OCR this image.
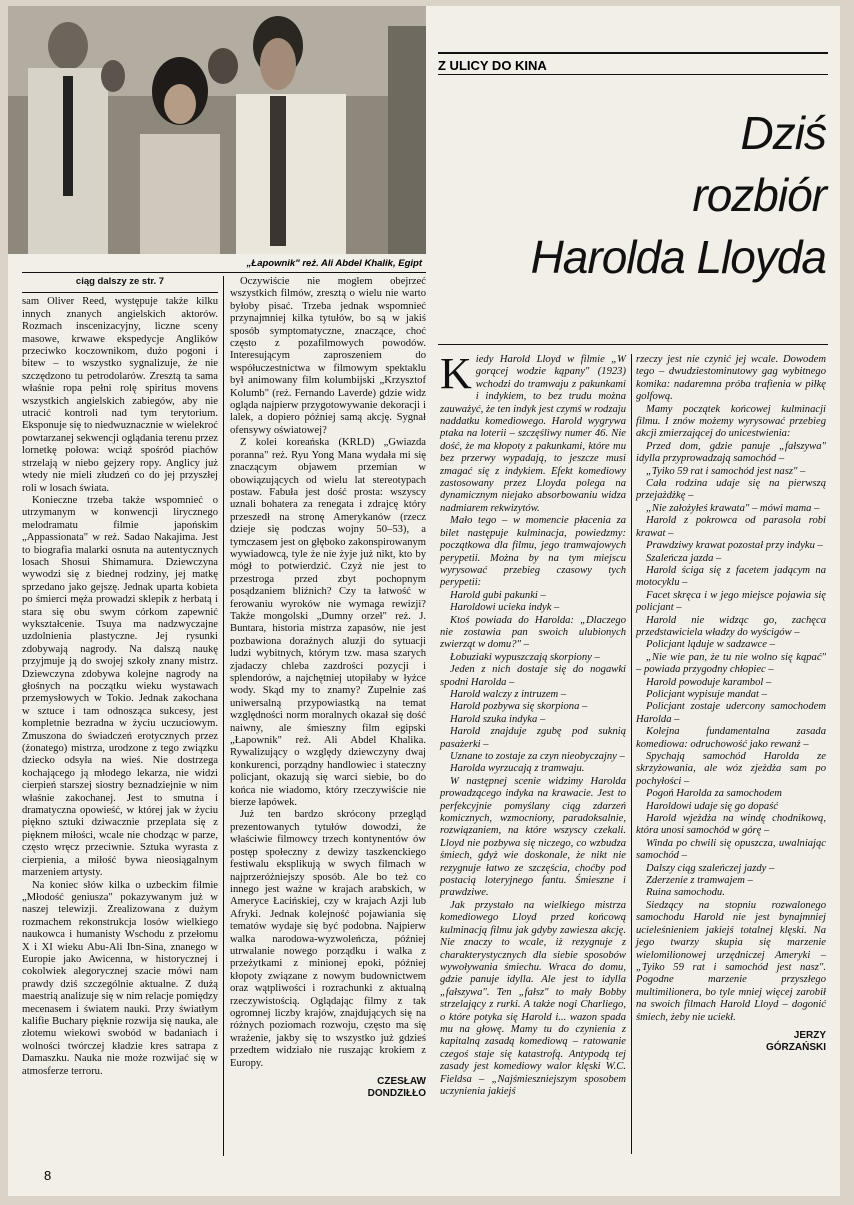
„Łapownik" reż. Ali Abdel Khalik, Egipt
ciąg dalszy ze str. 7

sam Oliver Reed, występuje także kilku innych znanych angielskich aktorów. Rozmach inscenizacyjny, liczne sceny masowe, krwawe ekspedycje Anglików przeciwko koczownikom, dużo pogoni i bitew – to wszystko sygnalizuje, że nie szczędzono tu petrodolarów. Zresztą ta sama właśnie ropa pełni rolę spiritus movens wszystkich angielskich zabiegów, aby nie utracić kontroli nad tym terytorium. Eksponuje się to niedwuznacznie w wielekroć powtarzanej sekwencji oglądania terenu przez lornetkę połowa: wciąż spośród piachów strzelają w niebo gejzery ropy. Anglicy już wtedy nie mieli złudzeń co do jej przyszłej roli w losach świata.

Konieczne trzeba także wspomnieć o utrzymanym w konwencji lirycznego melodramatu filmie japońskim „Appassionata" w reż. Sadao Nakajima. Jest to biografia malarki osnuta na autentycznych losach Shosui Shimamura. Dziewczyna wywodzi się z biednej rodziny, jej matkę sprzedano jako gejszę. Jednak uparta kobieta po śmierci męża prowadzi sklepik z herbatą i stara się obu swym córkom zapewnić wykształcenie. Tsuya ma nadzwyczajne uzdolnienia plastyczne. Jej rysunki zdobywają nagrody. Na dalszą naukę przyjmuje ją do swojej szkoły znany mistrz. Dziewczyna zdobywa kolejne nagrody na głośnych na początku wieku wystawach przemysłowych w Tokio. Jednak zakochana w sztuce i tam odnosząca sukcesy, jest kompletnie bezradna w życiu uczuciowym. Zmuszona do świadczeń erotycznych przez (żonatego) mistrza, urodzone z tego związku dziecko odsyła na wieś. Nie dostrzega kochającego ją młodego lekarza, nie widzi cierpień starszej siostry beznadziejnie w nim właśnie zakochanej. Jest to smutna i dramatyczna opowieść, w której jak w życiu piękno sztuki dziwacznie przeplata się z pięknem miłości, wcale nie chodząc w parze, często wręcz przeciwnie. Sztuka wyrasta z cierpienia, a miłość bywa nieosiągalnym marzeniem artysty.

Na koniec słów kilka o uzbeckim filmie „Młodość geniusza" pokazywanym już w naszej telewizji. Zrealizowana z dużym rozmachem rekonstrukcja losów wielkiego naukowca i humanisty Wschodu z przełomu X i XI wieku Abu-Ali Ibn-Sina, znanego w Europie jako Awicenna, w historycznej i cokolwiek alegorycznej szacie mówi nam prawdy dziś szczególnie aktualne. Z dużą maestrią analizuje się w nim relacje pomiędzy mecenasem i światem nauki. Przy światłym kalifie Buchary pięknie rozwija się nauka, ale złotemu wiekowi swobód w badaniach i wolności twórczej kładzie kres satrapa z Damaszku. Nauka nie może rozwijać się w atmosferze terroru.

Oczywiście nie mogłem obejrzeć wszystkich filmów, zresztą o wielu nie warto byłoby pisać. Trzeba jednak wspomnieć przynajmniej kilka tytułów, bo są w jakiś sposób symptomatyczne, znaczące, choć często z pozafilmowych powodów. Interesującym zaproszeniem do współuczestnictwa w filmowym spektaklu był animowany film kolumbijski „Krzysztof Kolumb" (reż. Fernando Laverde) gdzie widz ogląda najpierw przygotowywanie dekoracji i lalek, a dopiero później samą akcję. Sygnał ofensywy oświatowej?

Z kolei koreańska (KRLD) „Gwiazda poranna" reż. Ryu Yong Mana wydała mi się znaczącym objawem przemian w obowiązujących od wielu lat stereotypach postaw. Fabuła jest dość prosta: wszyscy uznali bohatera za renegata i zdrajcę który przeszedł na stronę Amerykanów (rzecz dzieje się podczas wojny 50–53), a tymczasem jest on głęboko zakonspirowanym wywiadowcą, tyle że nie żyje już nikt, kto by mógł to potwierdzić. Czyż nie jest to przestroga przed zbyt pochopnym posądzaniem bliźnich? Czy ta łatwość w ferowaniu wyroków nie wymaga rewizji? Także mongolski „Dumny orzeł" reż. J. Buntara, historia mistrza zapasów, nie jest pozbawiona doraźnych aluzji do sytuacji ludzi wybitnych, którym tzw. masa szarych zjadaczy chleba zazdrości pozycji i splendorów, a najchętniej utopiłaby w łyżce wody. Skąd my to znamy? Zupełnie zaś uniwersalną przypowiastką na temat względności norm moralnych okazał się dość naiwny, ale śmieszny film egipski „Łapownik" reż. Ali Abdel Khalika. Rywalizujący o względy dziewczyny dwaj konkurenci, porządny handlowiec i stateczny policjant, okazują się warci siebie, bo do końca nie wiadomo, który rzeczywiście nie bierze łapówek.

Już ten bardzo skrócony przegląd prezentowanych tytułów dowodzi, że właściwie filmowcy trzech kontynentów ów postęp społeczny z dewizy taszkenckiego festiwalu eksplikują w swych filmach w najprzeróżniejszy sposób. Ale bo też co innego jest ważne w krajach arabskich, w Ameryce Łacińskiej, czy w krajach Azji lub Afryki. Jednak kolejność pojawiania się tematów wydaje się być podobna. Najpierw walka narodowa-wyzwoleńcza, później utrwalanie nowego porządku i walka z przeżytkami z minionej epoki, później kłopoty związane z nowym budownictwem oraz wątpliwości i rozrachunki z aktualną rzeczywistością. Oglądając filmy z tak ogromnej liczby krajów, znajdujących się na różnych poziomach rozwoju, często ma się wrażenie, jakby się to wszystko już gdzieś przedtem widziało nie ruszając krokiem z Europy.

CZESŁAW
DONDZIŁŁO
Z ULICY DO KINA
Dziś
rozbiór
Harolda Lloyda
K iedy Harold Lloyd w filmie „W gorącej wodzie kąpany" (1923) wchodzi do tramwaju z pakunkami i indykiem, to bez trudu można zauważyć, że ten indyk jest czymś w rodzaju naddatku komediowego. Harold wygrywa ptaka na loterii – szczęśliwy numer 46. Nie dość, że ma kłopoty z pakunkami, które mu bez przerwy wypadają, to jeszcze musi zmagać się z indykiem. Efekt komediowy zastosowany przez Lloyda polega na dynamicznym niejako absorbowaniu widza nadmiarem rekwizytów.

Mało tego – w momencie płacenia za bilet następuje kulminacja, powiedzmy: początkowa dla filmu, jego tramwajowych perypetii. Można by na tym miejscu wyrysować przebieg czasowy tych perypetii:

Harold gubi pakunki –

Haroldowi ucieka indyk –

Ktoś powiada do Harolda: „Dlaczego nie zostawia pan swoich ulubionych zwierząt w domu?" –

Łobuziaki wypuszczają skorpiony –

Jeden z nich dostaje się do nogawki spodni Harolda –

Harold walczy z intruzem –

Harold pozbywa się skorpiona –

Harold szuka indyka –

Harold znajduje zgubę pod suknią pasażerki –

Uznane to zostaje za czyn nieobyczajny –

Harolda wyrzucają z tramwaju.

W następnej scenie widzimy Harolda prowadzącego indyka na krawacie. Jest to perfekcyjnie pomyślany ciąg zdarzeń komicznych, wzmocniony, paradoksalnie, rozwiązaniem, na które wszyscy czekali. Lloyd nie pozbywa się niczego, co wzbudza śmiech, gdyż wie doskonale, że nikt nie rezygnuje łatwo ze szczęścia, choćby pod postacią loteryjnego fantu. Śmieszne i prawdziwe.

Jak przystało na wielkiego mistrza komediowego Lloyd przed końcową kulminacją filmu jak gdyby zawiesza akcję. Nie znaczy to wcale, iż rezygnuje z charakterystycznych dla siebie sposobów wywoływania śmiechu. Wraca do domu, gdzie panuje idylla. Ale jest to idylla „fałszywa". Ten „fałsz" to mały Bobby strzelający z rurki. A także nogi Charliego, o które potyka się Harold i... wazon spada mu na głowę. Mamy tu do czynienia z kapitalną zasadą komediową – ratowanie czegoś staje się katastrofą. Antypodą tej zasady jest komediowy walor klęski W.C. Fieldsa – „Najśmieszniejszym sposobem uczynienia jakiejś

rzeczy jest nie czynić jej wcale. Dowodem tego – dwudziestominutowy gag wybitnego komika: nadaremna próba trafienia w piłkę golfową.

Mamy początek końcowej kulminacji filmu. I znów możemy wyrysować przebieg akcji zmierzającej do unicestwienia:

Przed dom, gdzie panuje „fałszywa" idylla przyprowadzają samochód –

„Tyiko 59 rat i samochód jest nasz" –

Cała rodzina udaje się na pierwszą przejażdżkę –

„Nie założyłeś krawata" – mówi mama –

Harold z pokrowca od parasola robi krawat –

Prawdziwy krawat pozostał przy indyku –

Szaleńcza jazda –

Harold ściga się z facetem jadącym na motocyklu –

Facet skręca i w jego miejsce pojawia się policjant –

Harold nie widząc go, zachęca przedstawiciela władzy do wyścigów –

Policjant ląduje w sadzawce –

„Nie wie pan, że tu nie wolno się kąpać" – powiada przygodny chłopiec –

Harold powoduje karambol –

Policjant wypisuje mandat –

Policjant zostaje udercony samochodem Harolda –

Kolejna fundamentalna zasada komediowa: odruchowość jako rewanż –

Spychają samochód Harolda ze skrzyżowania, ale wóz zjeżdża sam po pochyłości –

Pogoń Harolda za samochodem

Haroldowi udaje się go dopaść

Harold wjeżdża na windę chodnikową, która unosi samochód w górę –

Winda po chwili się opuszcza, uwalniając samochód –

Dalszy ciąg szaleńczej jazdy –

Zderzenie z tramwajem –

Ruina samochodu.

Siedzący na stopniu rozwalonego samochodu Harold nie jest bynajmniej ucieleśnieniem jakiejś totalnej klęski. Na jego twarzy skupia się marzenie wielomilionowej urzędniczej Ameryki – „Tyiko 59 rat i samochód jest nasz". Pogodne marzenie przyszłego multimilionera, bo tyle mniej więcej zarobił na swoich filmach Harold Lloyd – dogonić śmiech, żeby nie uciekł.

JERZY
GÓRZAŃSKI
8
